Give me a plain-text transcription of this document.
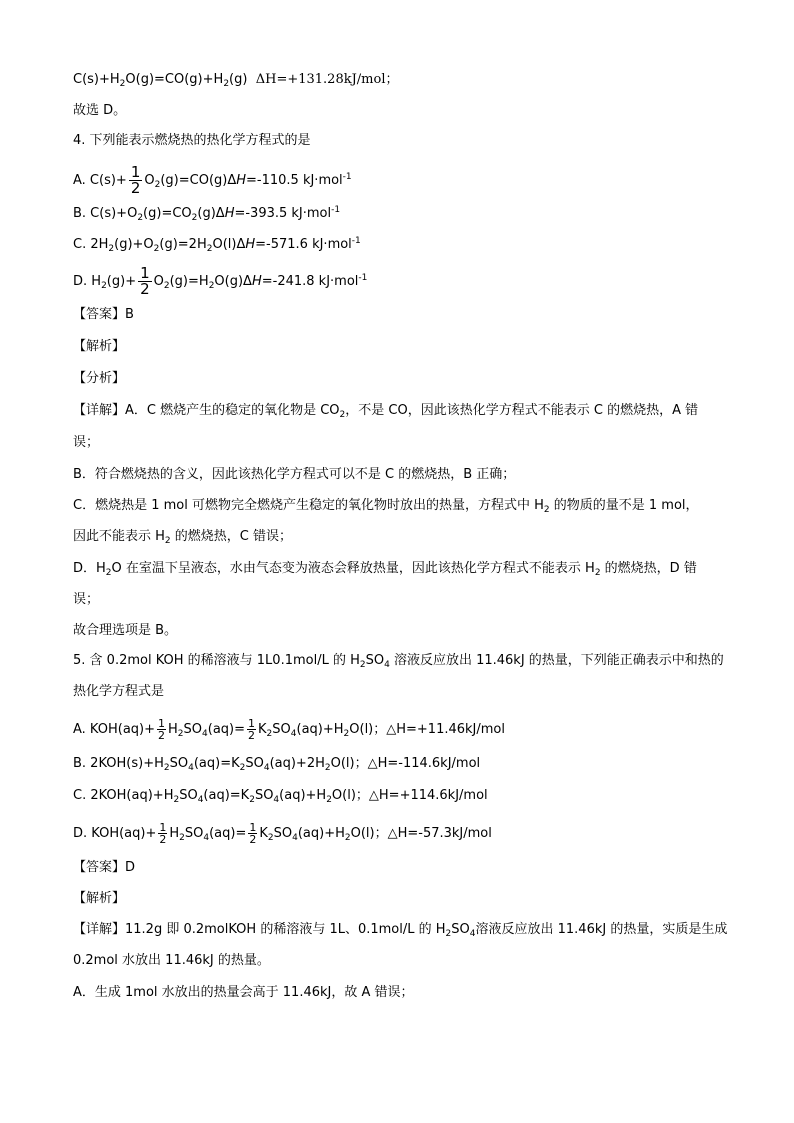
$C(s)+H_2O(g)=CO(g)+H_2(g)$ ΔH=+131.28kJ/mol；
故选 D。
4. 下列能表示燃烧热的热化学方程式的是
A. $C(s)+ \frac{1}{2} O_2(g)=CO(g)\Delta H=-110.5$ kJ·mol$^{-1}$
B. $C(s)+O_2(g)=CO_2(g)\Delta H=-393.5$ kJ·mol$^{-1}$
C. $2H_2(g)+O_2(g)=2H_2O(l)\Delta H=-571.6$ kJ·mol$^{-1}$
D. $H_2(g)+ \frac{1}{2} O_2(g)=H_2O(g)\Delta H=-241.8$ kJ·mol$^{-1}$
【答案】B
【解析】
【分析】
【详解】A．C 燃烧产生的稳定的氧化物是 $CO_2$，不是 CO，因此该热化学方程式不能表示 C 的燃烧热，A 错
误；
B．符合燃烧热的含义，因此该热化学方程式可以不是 C 的燃烧热，B 正确；
C．燃烧热是 1 mol 可燃物完全燃烧产生稳定的氧化物时放出的热量，方程式中 $H_2$ 的物质的量不是 1 mol，
因此不能表示 $H_2$ 的燃烧热，C 错误；
D．$H_2O$ 在室温下呈液态，水由气态变为液态会释放热量，因此该热化学方程式不能表示 $H_2$ 的燃烧热，D 错
误；
故合理选项是 B。
5. 含 0.2mol KOH 的稀溶液与 1L0.1mol/L 的 $H_2SO_4$ 溶液反应放出 11.46kJ 的热量，下列能正确表示中和热的
热化学方程式是
A. $KOH(aq)+ \frac{1}{2} H_2SO_4(aq)= \frac{1}{2} K_2SO_4(aq)+H_2O(l)$；△H=+11.46kJ/mol
B. $2KOH(s)+H_2SO_4(aq)=K_2SO_4(aq)+2H_2O(l)$；△H=-114.6kJ/mol
C. $2KOH(aq)+H_2SO_4(aq)=K_2SO_4(aq)+H_2O(l)$；△H=+114.6kJ/mol
D. $KOH(aq)+ \frac{1}{2} H_2SO_4(aq)= \frac{1}{2} K_2SO_4(aq)+H_2O(l)$；△H=-57.3kJ/mol
【答案】D
【解析】
【详解】11.2g 即 0.2molKOH 的稀溶液与 1L、0.1mol/L 的 $H_2SO_4$溶液反应放出 11.46kJ 的热量，实质是生成
0.2mol 水放出 11.46kJ 的热量。
A．生成 1mol 水放出的热量会高于 11.46kJ，故 A 错误；
